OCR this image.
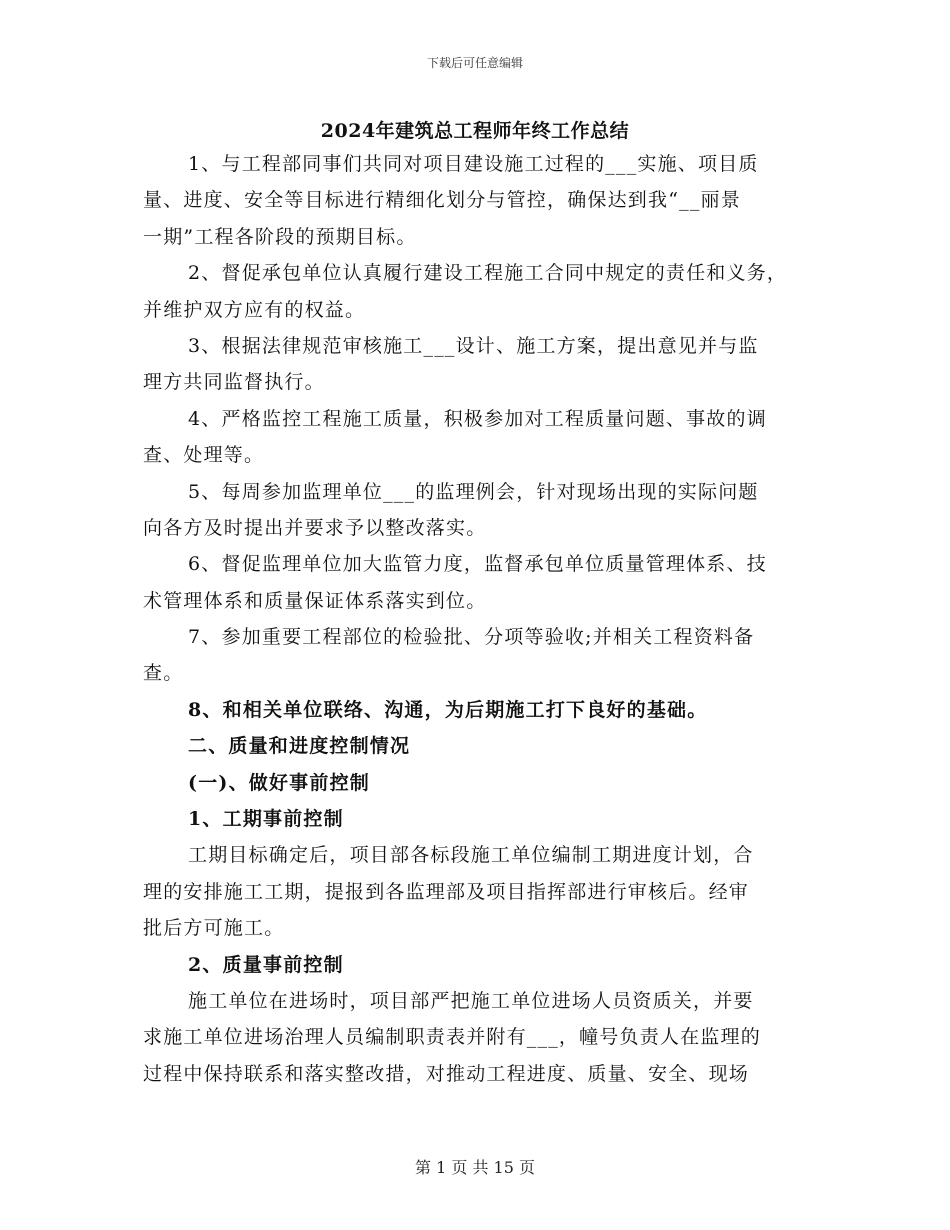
下载后可任意编辑
2024年建筑总工程师年终工作总结
1、与工程部同事们共同对项目建设施工过程的___实施、项目质
量、进度、安全等目标进行精细化划分与管控，确保达到我“__丽景
一期”工程各阶段的预期目标。
2、督促承包单位认真履行建设工程施工合同中规定的责任和义务，
并维护双方应有的权益。
3、根据法律规范审核施工___设计、施工方案，提出意见并与监
理方共同监督执行。
4、严格监控工程施工质量，积极参加对工程质量问题、事故的调
查、处理等。
5、每周参加监理单位___的监理例会，针对现场出现的实际问题
向各方及时提出并要求予以整改落实。
6、督促监理单位加大监管力度，监督承包单位质量管理体系、技
术管理体系和质量保证体系落实到位。
7、参加重要工程部位的检验批、分项等验收;并相关工程资料备
查。
8、和相关单位联络、沟通，为后期施工打下良好的基础。
二、质量和进度控制情况
(一)、做好事前控制
1、工期事前控制
工期目标确定后，项目部各标段施工单位编制工期进度计划，合
理的安排施工工期，提报到各监理部及项目指挥部进行审核后。经审
批后方可施工。
2、质量事前控制
施工单位在进场时，项目部严把施工单位进场人员资质关，并要
求施工单位进场治理人员编制职责表并附有___，幢号负责人在监理的
过程中保持联系和落实整改措，对推动工程进度、质量、安全、现场
第 1 页 共 15 页
